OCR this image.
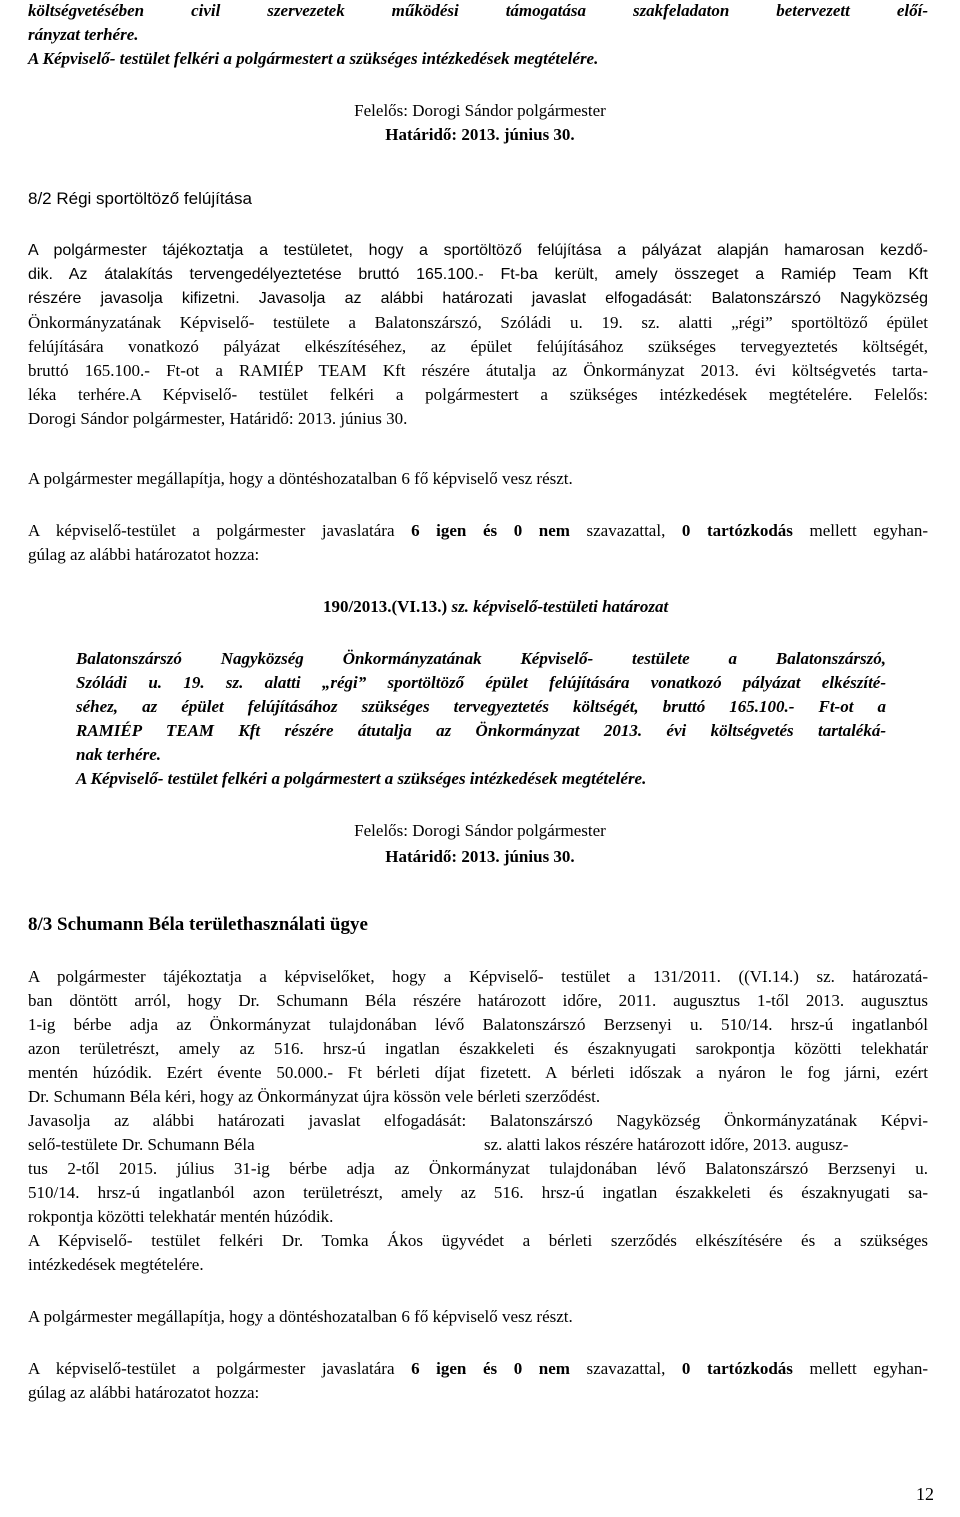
költségvetésében civil szervezetek működési támogatása szakfeladaton betervezett előí-
rányzat terhére.
A Képviselő- testület felkéri a polgármestert a szükséges intézkedések megtételére.
Felelős: Dorogi Sándor polgármester
Határidő: 2013. június 30.
8/2 Régi sportöltöző felújítása
A polgármester tájékoztatja a testületet, hogy a sportöltöző felújítása a pályázat alapján hamarosan kezdő-
dik. Az átalakítás tervengedélyeztetése bruttó 165.100.- Ft-ba került, amely összeget a Ramiép Team Kft
részére javasolja kifizetni. Javasolja az alábbi határozati javaslat elfogadását: Balatonszárszó Nagyközség
Önkormányzatának Képviselő- testülete a Balatonszárszó, Szóládi u. 19. sz. alatti „régi” sportöltöző épület
felújítására vonatkozó pályázat elkészítéséhez, az épület felújításához szükséges tervegyeztetés költségét,
bruttó 165.100.- Ft-ot a RAMIÉP TEAM Kft részére átutalja az Önkormányzat 2013. évi költségvetés tarta-
léka terhére.A Képviselő- testület felkéri a polgármestert a szükséges intézkedések megtételére. Felelős:
Dorogi Sándor polgármester, Határidő: 2013. június 30.
A polgármester megállapítja, hogy a döntéshozatalban 6 fő képviselő vesz részt.
A képviselő-testület a polgármester javaslatára 6 igen és 0 nem szavazattal, 0 tartózkodás mellett egyhan-
gúlag az alábbi határozatot hozza:
190/2013.(VI.13.) sz. képviselő-testületi határozat
Balatonszárszó Nagyközség Önkormányzatának Képviselő- testülete a Balatonszárszó,
Szóládi u. 19. sz. alatti „régi” sportöltöző épület felújítására vonatkozó pályázat elkészíté-
séhez, az épület felújításához szükséges tervegyeztetés költségét, bruttó 165.100.- Ft-ot a
RAMIÉP TEAM Kft részére átutalja az Önkormányzat 2013. évi költségvetés tartaléká-
nak terhére.
A Képviselő- testület felkéri a polgármestert a szükséges intézkedések megtételére.
Felelős: Dorogi Sándor polgármester
Határidő: 2013. június 30.
8/3 Schumann Béla területhasználati ügye
A polgármester tájékoztatja a képviselőket, hogy a Képviselő- testület a 131/2011. ((VI.14.) sz. határozatá-
ban döntött arról, hogy Dr. Schumann Béla részére határozott időre, 2011. augusztus 1-től 2013. augusztus
1-ig bérbe adja az Önkormányzat tulajdonában lévő Balatonszárszó Berzsenyi u. 510/14. hrsz-ú ingatlanból
azon területrészt, amely az 516. hrsz-ú ingatlan északkeleti és északnyugati sarokpontja közötti telekhatár
mentén húzódik. Ezért évente 50.000.- Ft bérleti díjat fizetett. A bérleti időszak a nyáron le fog járni, ezért
Dr. Schumann Béla kéri, hogy az Önkormányzat újra kössön vele bérleti szerződést.
Javasolja az alábbi határozati javaslat elfogadását: Balatonszárszó Nagyközség Önkormányzatának Képvi-
selő-testülete Dr. Schumann Béla	sz. alatti lakos részére határozott időre, 2013. augusz-
tus 2-től 2015. július 31-ig bérbe adja az Önkormányzat tulajdonában lévő Balatonszárszó Berzsenyi u.
510/14. hrsz-ú ingatlanból azon területrészt, amely az 516. hrsz-ú ingatlan északkeleti és északnyugati sa-
rokpontja közötti telekhatár mentén húzódik.
A Képviselő- testület felkéri Dr. Tomka Ákos ügyvédet a bérleti szerződés elkészítésére és a szükséges
intézkedések megtételére.
A polgármester megállapítja, hogy a döntéshozatalban 6 fő képviselő vesz részt.
A képviselő-testület a polgármester javaslatára 6 igen és 0 nem szavazattal, 0 tartózkodás mellett egyhan-
gúlag az alábbi határozatot hozza:
12
